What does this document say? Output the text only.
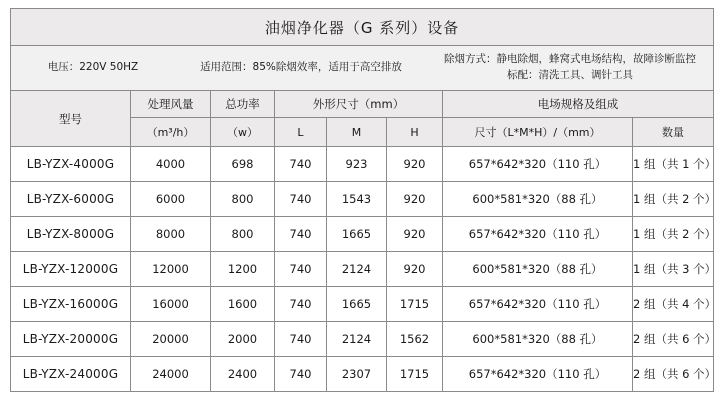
油烟净化器（G 系列）设备							

电压：220V 50HZ 适用范围：85%除烟效率，适用于高空排放
除烟方式：静电除烟，蜂窝式电场结构，故障诊断监控
标配：清洗工具、调针工具							

型号	处理风量	总功率	外形尺寸（mm）			电场规格及组成	
	（m³/h）	（w）	L	M	H	尺寸（L*M*H）/（mm）	数量
LB-YZX-4000G	4000	698	740	923	920	657*642*320（110 孔）	1 组（共 1 个）
LB-YZX-6000G	6000	800	740	1543	920	600*581*320（88 孔）	1 组（共 2 个）
LB-YZX-8000G	8000	800	740	1665	920	657*642*320（110 孔）	1 组（共 2 个）
LB-YZX-12000G	12000	1200	740	2124	920	600*581*320（88 孔）	1 组（共 3 个）
LB-YZX-16000G	16000	1600	740	1665	1715	657*642*320（110 孔）	2 组（共 4 个）
LB-YZX-20000G	20000	2000	740	2124	1562	600*581*320（88 孔）	2 组（共 6 个）
LB-YZX-24000G	24000	2400	740	2307	1715	657*642*320（110 孔）	2 组（共 6 个）
